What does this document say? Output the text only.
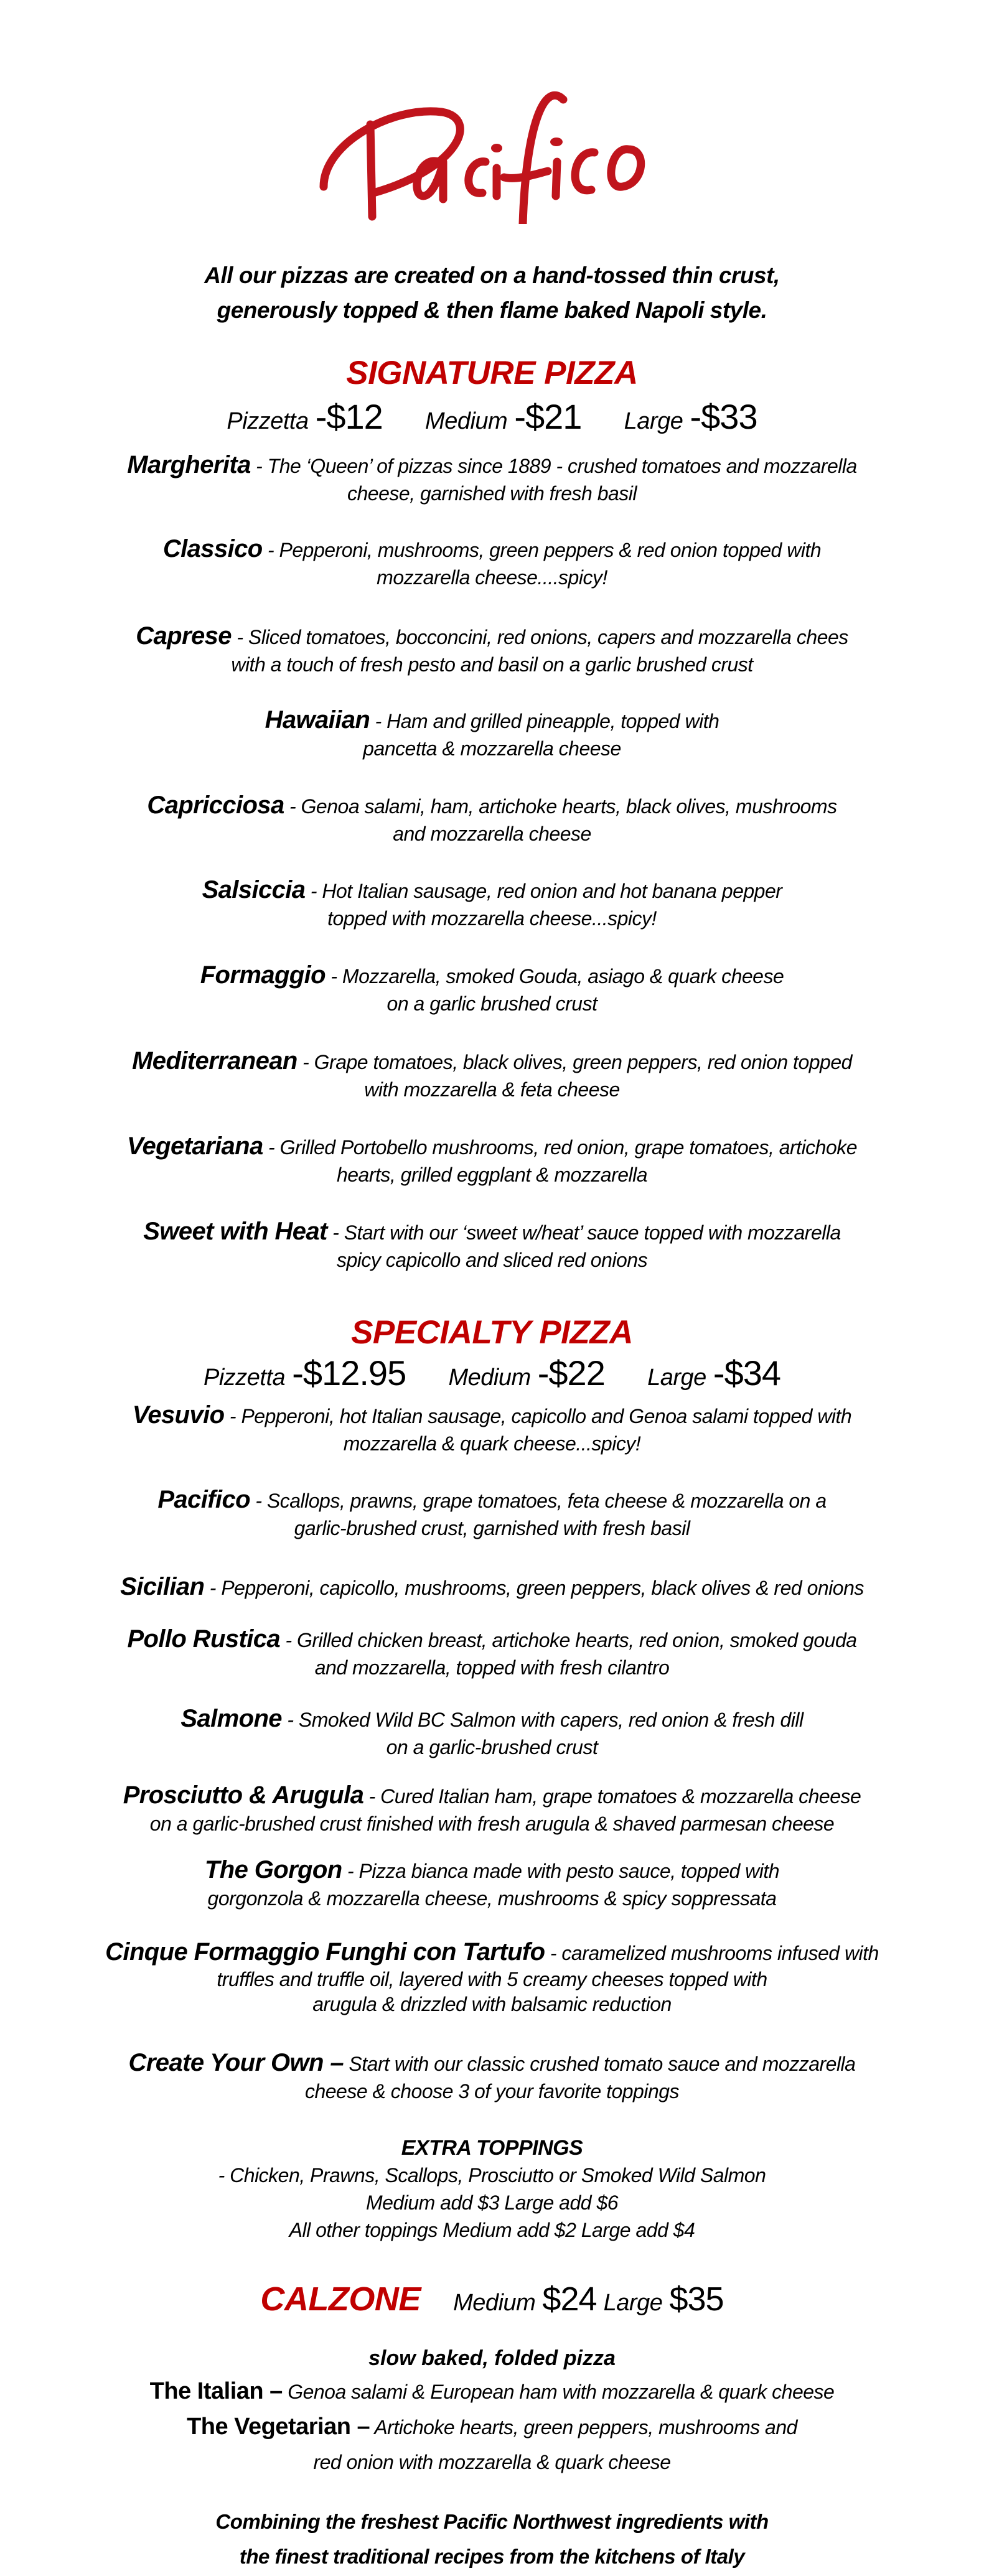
All our pizzas are created on a hand-tossed thin crust,
generously topped & then flame baked Napoli style.
SIGNATURE PIZZA
Pizzetta -$12 Medium -$21 Large -$33
Margherita - The ‘Queen’ of pizzas since 1889 - crushed tomatoes and mozzarella
cheese, garnished with fresh basil
Classico - Pepperoni, mushrooms, green peppers & red onion topped with
mozzarella cheese....spicy!
Caprese - Sliced tomatoes, bocconcini, red onions, capers and mozzarella chees
with a touch of fresh pesto and basil on a garlic brushed crust
Hawaiian - Ham and grilled pineapple, topped with
pancetta & mozzarella cheese
Capricciosa - Genoa salami, ham, artichoke hearts, black olives, mushrooms
and mozzarella cheese
Salsiccia - Hot Italian sausage, red onion and hot banana pepper
topped with mozzarella cheese...spicy!
Formaggio - Mozzarella, smoked Gouda, asiago & quark cheese
on a garlic brushed crust
Mediterranean - Grape tomatoes, black olives, green peppers, red onion topped
with mozzarella & feta cheese
Vegetariana - Grilled Portobello mushrooms, red onion, grape tomatoes, artichoke
hearts, grilled eggplant & mozzarella
Sweet with Heat - Start with our ‘sweet w/heat’ sauce topped with mozzarella
spicy capicollo and sliced red onions
SPECIALTY PIZZA
Pizzetta -$12.95 Medium -$22 Large -$34
Vesuvio - Pepperoni, hot Italian sausage, capicollo and Genoa salami topped with
mozzarella & quark cheese...spicy!
Pacifico - Scallops, prawns, grape tomatoes, feta cheese & mozzarella on a
garlic-brushed crust, garnished with fresh basil
Sicilian - Pepperoni, capicollo, mushrooms, green peppers, black olives & red onions
Pollo Rustica - Grilled chicken breast, artichoke hearts, red onion, smoked gouda
and mozzarella, topped with fresh cilantro
Salmone - Smoked Wild BC Salmon with capers, red onion & fresh dill
on a garlic-brushed crust
Prosciutto & Arugula - Cured Italian ham, grape tomatoes & mozzarella cheese
on a garlic-brushed crust finished with fresh arugula & shaved parmesan cheese
The Gorgon - Pizza bianca made with pesto sauce, topped with
gorgonzola & mozzarella cheese, mushrooms & spicy soppressata
Cinque Formaggio Funghi con Tartufo - caramelized mushrooms infused with
truffles and truffle oil, layered with 5 creamy cheeses topped with
arugula & drizzled with balsamic reduction
Create Your Own – Start with our classic crushed tomato sauce and mozzarella
cheese & choose 3 of your favorite toppings
EXTRA TOPPINGS
- Chicken, Prawns, Scallops, Prosciutto or Smoked Wild Salmon
Medium add $3 Large add $6
All other toppings Medium add $2 Large add $4
CALZONE Medium $24 Large $35
slow baked, folded pizza
The Italian – Genoa salami & European ham with mozzarella & quark cheese
The Vegetarian – Artichoke hearts, green peppers, mushrooms and
red onion with mozzarella & quark cheese
Combining the freshest Pacific Northwest ingredients with
the finest traditional recipes from the kitchens of Italy
